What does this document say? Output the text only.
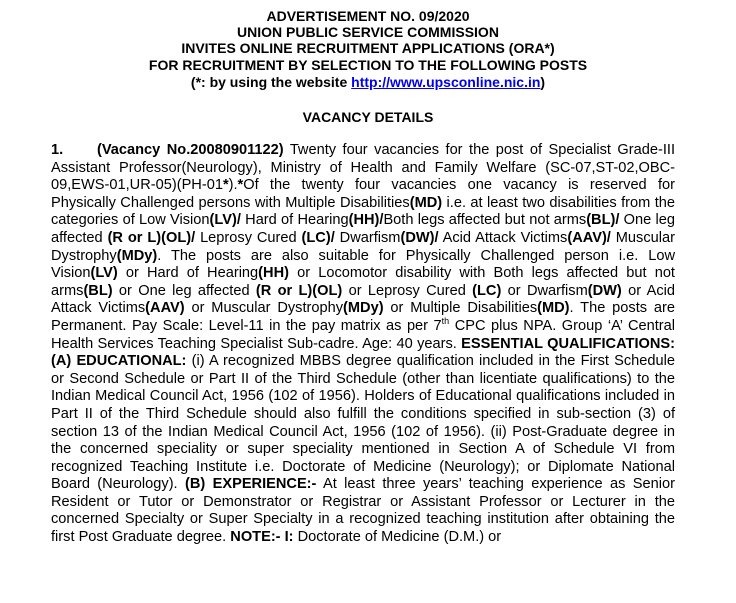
ADVERTISEMENT NO. 09/2020
UNION PUBLIC SERVICE COMMISSION
INVITES ONLINE RECRUITMENT APPLICATIONS (ORA*)
FOR RECRUITMENT BY SELECTION TO THE FOLLOWING POSTS
(*: by using the website http://www.upsconline.nic.in)
VACANCY DETAILS
1. (Vacancy No.20080901122) Twenty four vacancies for the post of Specialist Grade-III Assistant Professor(Neurology), Ministry of Health and Family Welfare (SC-07,ST-02,OBC-09,EWS-01,UR-05)(PH-01*).*Of the twenty four vacancies one vacancy is reserved for Physically Challenged persons with Multiple Disabilities(MD) i.e. at least two disabilities from the categories of Low Vision(LV)/ Hard of Hearing(HH)/Both legs affected but not arms(BL)/ One leg affected (R or L)(OL)/ Leprosy Cured (LC)/ Dwarfism(DW)/ Acid Attack Victims(AAV)/ Muscular Dystrophy(MDy). The posts are also suitable for Physically Challenged person i.e. Low Vision(LV) or Hard of Hearing(HH) or Locomotor disability with Both legs affected but not arms(BL) or One leg affected (R or L)(OL) or Leprosy Cured (LC) or Dwarfism(DW) or Acid Attack Victims(AAV) or Muscular Dystrophy(MDy) or Multiple Disabilities(MD). The posts are Permanent. Pay Scale: Level-11 in the pay matrix as per 7th CPC plus NPA. Group ‘A’ Central Health Services Teaching Specialist Sub-cadre. Age: 40 years. ESSENTIAL QUALIFICATIONS: (A) EDUCATIONAL: (i) A recognized MBBS degree qualification included in the First Schedule or Second Schedule or Part II of the Third Schedule (other than licentiate qualifications) to the Indian Medical Council Act, 1956 (102 of 1956). Holders of Educational qualifications included in Part II of the Third Schedule should also fulfill the conditions specified in sub-section (3) of section 13 of the Indian Medical Council Act, 1956 (102 of 1956). (ii) Post-Graduate degree in the concerned speciality or super speciality mentioned in Section A of Schedule VI from recognized Teaching Institute i.e. Doctorate of Medicine (Neurology); or Diplomate National Board (Neurology). (B) EXPERIENCE:- At least three years’ teaching experience as Senior Resident or Tutor or Demonstrator or Registrar or Assistant Professor or Lecturer in the concerned Specialty or Super Specialty in a recognized teaching institution after obtaining the first Post Graduate degree. NOTE:- I: Doctorate of Medicine (D.M.) or
